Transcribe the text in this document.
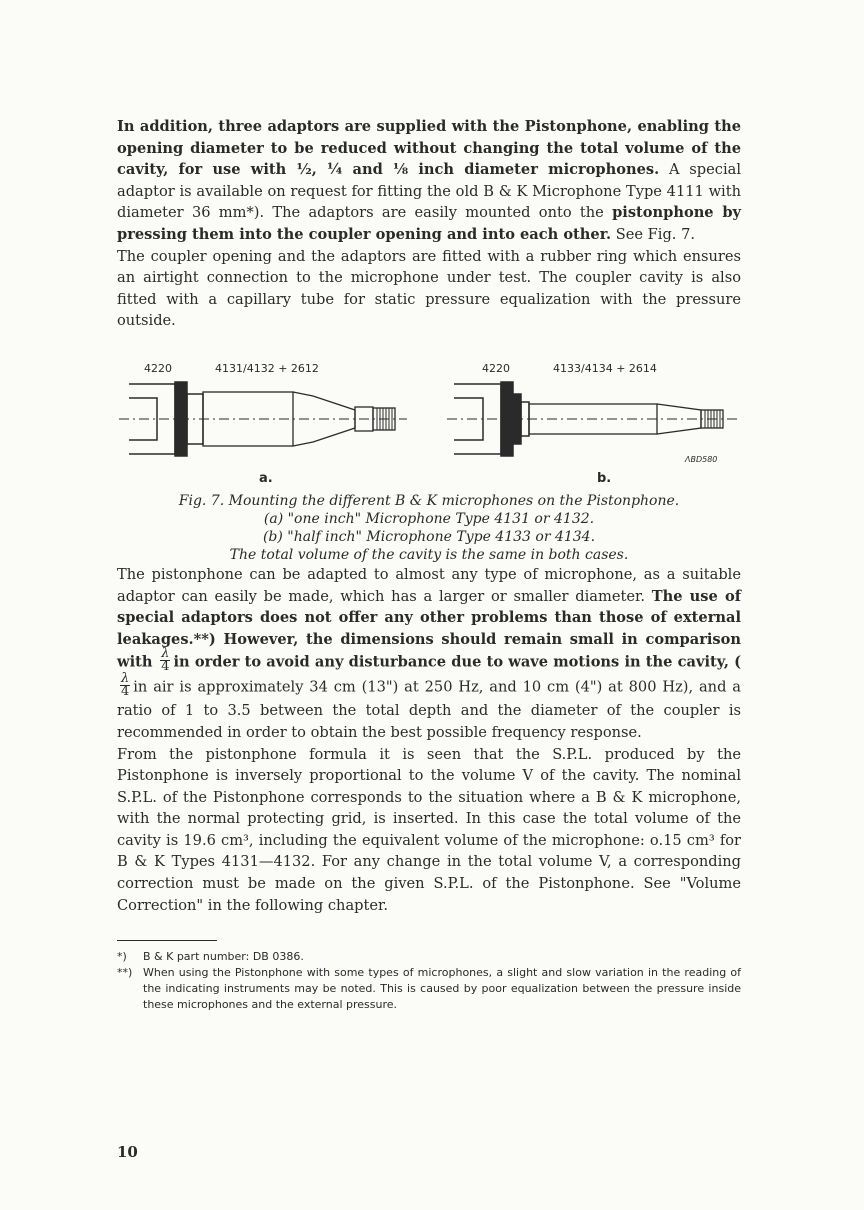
In addition, three adaptors are supplied with the Pistonphone, enabling the opening diameter to be reduced without changing the total volume of the cavity, for use with ½, ¼ and ⅛ inch diameter microphones. A special adaptor is available on request for fitting the old B & K Microphone Type 4111 with diameter 36 mm*). The adaptors are easily mounted onto the pistonphone by pressing them into the coupler opening and into each other. See Fig. 7.

The coupler opening and the adaptors are fitted with a rubber ring which ensures an airtight connection to the microphone under test. The coupler cavity is also fitted with a capillary tube for static pressure equalization with the pressure outside.

4220	4131/4132 + 2612
a.
4220	4133/4134 + 2614
ɅBD580
b.
Fig. 7. Mounting the different B & K microphones on the Pistonphone.
(a) "one inch" Microphone Type 4131 or 4132.
(b) "half inch" Microphone Type 4133 or 4134.
The total volume of the cavity is the same in both cases.

The pistonphone can be adapted to almost any type of microphone, as a suitable adaptor can easily be made, which has a larger or smaller diameter. The use of special adaptors does not offer any other problems than those of external leakages.**) However, the dimensions should remain small in comparison with $\frac{\lambda}{4}$ in order to avoid any disturbance due to wave motions in the cavity, (
$\frac{\lambda}{4}$ in air is approximately 34 cm (13") at 250 Hz, and 10 cm (4") at 800 Hz), and a ratio of 1 to 3.5 between the total depth and the diameter of the coupler is recommended in order to obtain the best possible frequency response.

From the pistonphone formula it is seen that the S.P.L. produced by the Pistonphone is inversely proportional to the volume V of the cavity. The nominal S.P.L. of the Pistonphone corresponds to the situation where a B & K microphone, with the normal protecting grid, is inserted. In this case the total volume of the cavity is 19.6 cm³, including the equivalent volume of the microphone: o.15 cm³ for B & K Types 4131—4132. For any change in the total volume V, a corresponding correction must be made on the given S.P.L. of the Pistonphone. See "Volume Correction" in the following chapter.

*)	B & K part number: DB 0386.
**) When using the Pistonphone with some types of microphones, a slight and slow variation in the reading of the indicating instruments may be noted. This is caused by poor equalization between the pressure inside these microphones and the external pressure.
10
